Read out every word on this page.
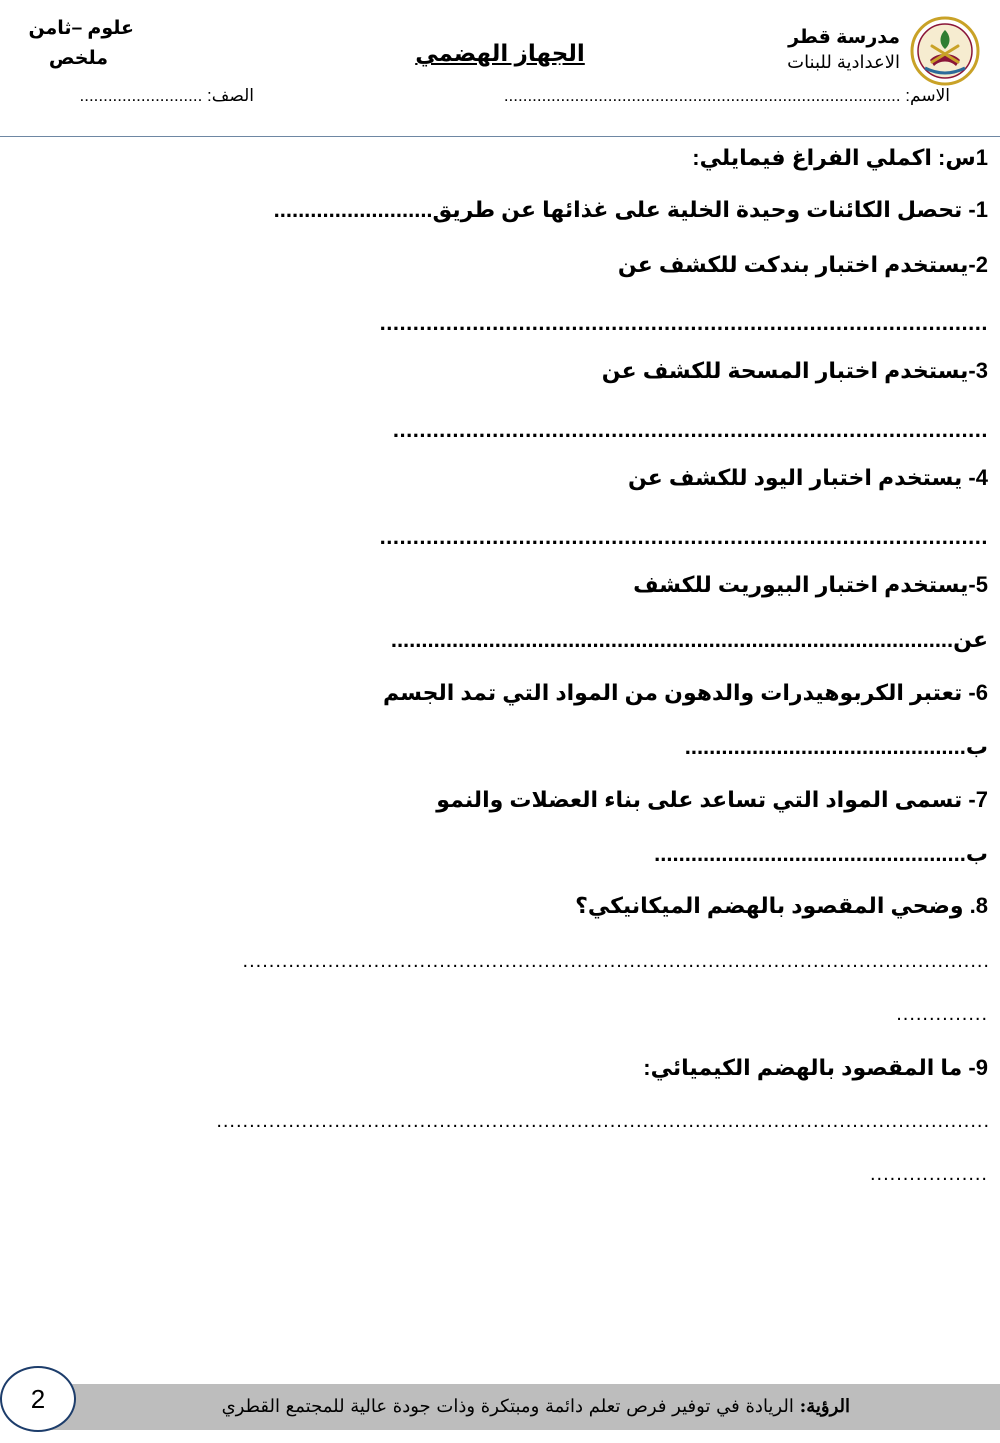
علوم –ثامن
ملخص	الجهاز الهضمي
مدرسة قطر
الاعدادية للبنات
الاسم: ....................................................................................
الصف: ..........................
1س: اكملي الفراغ فيمايلي:
1- تحصل الكائنات وحيدة الخلية على غذائها عن طريق..........................
2-يستخدم اختبار بندكت للكشف عن
............................................................................................
3-يستخدم اختبار المسحة للكشف عن
..........................................................................................
4- يستخدم اختبار اليود للكشف عن
............................................................................................
5-يستخدم اختبار البيوريت للكشف
عن............................................................................................
6- تعتبر الكربوهيدرات والدهون من المواد التي تمد الجسم
ب..............................................
7- تسمى المواد التي تساعد على بناء العضلات والنمو
ب...................................................
8. وضحي المقصود بالهضم الميكانيكي؟
..................................................................................................................
..............
9- ما المقصود بالهضم الكيميائي:
......................................................................................................................
..................
الرؤية: الريادة في توفير فرص تعلم دائمة ومبتكرة وذات جودة عالية للمجتمع القطري
2
